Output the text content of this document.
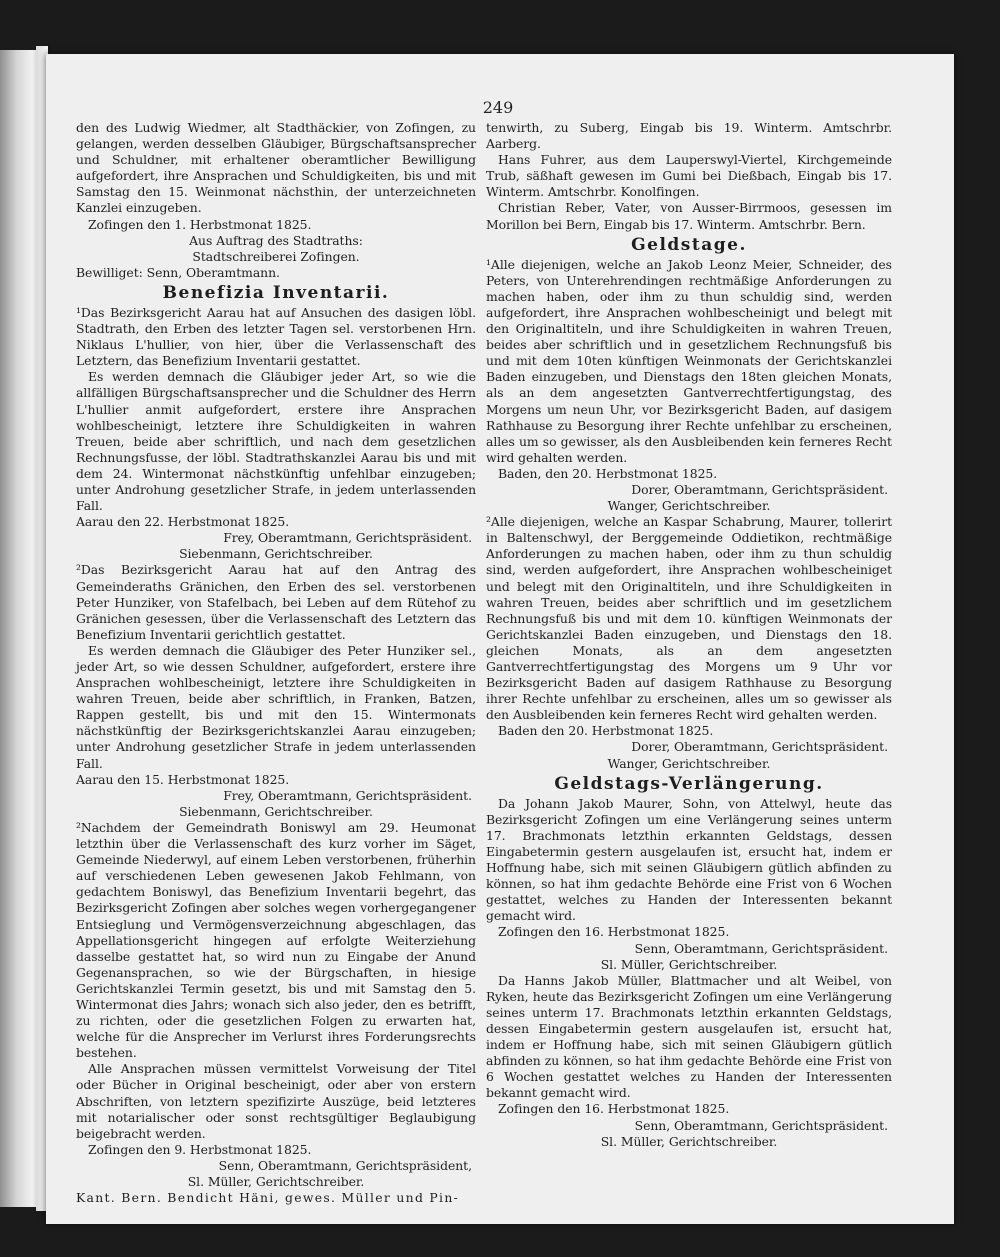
249

den des Ludwig Wiedmer, alt Stadthäckier, von Zofingen, zu gelangen, werden desselben Gläubiger, Bürgschaftsansprecher und Schuldner, mit erhaltener oberamtlicher Bewilligung aufgefordert, ihre Ansprachen und Schuldigkeiten, bis und mit Samstag den 15. Weinmonat nächsthin, der unterzeichneten Kanzlei einzugeben.

Zofingen den 1. Herbstmonat 1825.

Aus Auftrag des Stadtraths:

Stadtschreiberei Zofingen.

Bewilliget: Senn, Oberamtmann.

Benefizia Inventarii.

¹Das Bezirksgericht Aarau hat auf Ansuchen des dasigen löbl. Stadtrath, den Erben des letzter Tagen sel. verstorbenen Hrn. Niklaus L'hullier, von hier, über die Verlassenschaft des Letztern, das Benefizium Inventarii gestattet.

Es werden demnach die Gläubiger jeder Art, so wie die allfälligen Bürgschaftsansprecher und die Schuldner des Herrn L'hullier anmit aufgefordert, erstere ihre Ansprachen wohlbescheinigt, letztere ihre Schuldigkeiten in wahren Treuen, beide aber schriftlich, und nach dem gesetzlichen Rechnungsfusse, der löbl. Stadtrathskanzlei Aarau bis und mit dem 24. Wintermonat nächstkünftig unfehlbar einzugeben; unter Androhung gesetzlicher Strafe, in jedem unterlassenden Fall.

Aarau den 22. Herbstmonat 1825.

Frey, Oberamtmann, Gerichtspräsident.

Siebenmann, Gerichtschreiber.

²Das Bezirksgericht Aarau hat auf den Antrag des Gemeinderaths Gränichen, den Erben des sel. verstorbenen Peter Hunziker, von Stafelbach, bei Leben auf dem Rütehof zu Gränichen gesessen, über die Verlassenschaft des Letztern das Benefizium Inventarii gerichtlich gestattet.

Es werden demnach die Gläubiger des Peter Hunziker sel., jeder Art, so wie dessen Schuldner, aufgefordert, erstere ihre Ansprachen wohlbescheinigt, letztere ihre Schuldigkeiten in wahren Treuen, beide aber schriftlich, in Franken, Batzen, Rappen gestellt, bis und mit den 15. Wintermonats nächstkünftig der Bezirksgerichtskanzlei Aarau einzugeben; unter Androhung gesetzlicher Strafe in jedem unterlassenden Fall.

Aarau den 15. Herbstmonat 1825.

Frey, Oberamtmann, Gerichtspräsident.

Siebenmann, Gerichtschreiber.

²Nachdem der Gemeindrath Boniswyl am 29. Heumonat letzthin über die Verlassenschaft des kurz vorher im Säget, Gemeinde Niederwyl, auf einem Leben verstorbenen, früherhin auf verschiedenen Leben gewesenen Jakob Fehlmann, von gedachtem Boniswyl, das Benefizium Inventarii begehrt, das Bezirksgericht Zofingen aber solches wegen vorhergegangener Entsieglung und Vermögensverzeichnung abgeschlagen, das Appellationsgericht hingegen auf erfolgte Weiterziehung dasselbe gestattet hat, so wird nun zu Eingabe der Anund Gegenansprachen, so wie der Bürgschaften, in hiesige Gerichtskanzlei Termin gesetzt, bis und mit Samstag den 5. Wintermonat dies Jahrs; wonach sich also jeder, den es betrifft, zu richten, oder die gesetzlichen Folgen zu erwarten hat, welche für die Ansprecher im Verlurst ihres Forderungsrechts bestehen.

Alle Ansprachen müssen vermittelst Vorweisung der Titel oder Bücher in Original bescheinigt, oder aber von erstern Abschriften, von letztern spezifizirte Auszüge, beid letzteres mit notarialischer oder sonst rechtsgültiger Beglaubigung beigebracht werden.

Zofingen den 9. Herbstmonat 1825.

Senn, Oberamtmann, Gerichtspräsident,

Sl. Müller, Gerichtschreiber.

Kant. Bern. Bendicht Häni, gewes. Müller und Pin-

tenwirth, zu Suberg, Eingab bis 19. Winterm. Amtschrbr. Aarberg.

Hans Fuhrer, aus dem Lauperswyl-Viertel, Kirchgemeinde Trub, säßhaft gewesen im Gumi bei Dießbach, Eingab bis 17. Winterm. Amtschrbr. Konolfingen.

Christian Reber, Vater, von Ausser-Birrmoos, gesessen im Morillon bei Bern, Eingab bis 17. Winterm. Amtschrbr. Bern.

Geldstage.

¹Alle diejenigen, welche an Jakob Leonz Meier, Schneider, des Peters, von Unterehrendingen rechtmäßige Anforderungen zu machen haben, oder ihm zu thun schuldig sind, werden aufgefordert, ihre Ansprachen wohlbescheinigt und belegt mit den Originaltiteln, und ihre Schuldigkeiten in wahren Treuen, beides aber schriftlich und in gesetzlichem Rechnungsfuß bis und mit dem 10ten künftigen Weinmonats der Gerichtskanzlei Baden einzugeben, und Dienstags den 18ten gleichen Monats, als an dem angesetzten Gantverrechtfertigungstag, des Morgens um neun Uhr, vor Bezirksgericht Baden, auf dasigem Rathhause zu Besorgung ihrer Rechte unfehlbar zu erscheinen, alles um so gewisser, als den Ausbleibenden kein ferneres Recht wird gehalten werden.

Baden, den 20. Herbstmonat 1825.

Dorer, Oberamtmann, Gerichtspräsident.

Wanger, Gerichtschreiber.

²Alle diejenigen, welche an Kaspar Schabrung, Maurer, tollerirt in Baltenschwyl, der Berggemeinde Oddietikon, rechtmäßige Anforderungen zu machen haben, oder ihm zu thun schuldig sind, werden aufgefordert, ihre Ansprachen wohlbescheiniget und belegt mit den Originaltiteln, und ihre Schuldigkeiten in wahren Treuen, beides aber schriftlich und im gesetzlichem Rechnungsfuß bis und mit dem 10. künftigen Weinmonats der Gerichtskanzlei Baden einzugeben, und Dienstags den 18. gleichen Monats, als an dem angesetzten Gantverrechtfertigungstag des Morgens um 9 Uhr vor Bezirksgericht Baden auf dasigem Rathhause zu Besorgung ihrer Rechte unfehlbar zu erscheinen, alles um so gewisser als den Ausbleibenden kein ferneres Recht wird gehalten werden.

Baden den 20. Herbstmonat 1825.

Dorer, Oberamtmann, Gerichtspräsident.

Wanger, Gerichtschreiber.

Geldstags-Verlängerung.

Da Johann Jakob Maurer, Sohn, von Attelwyl, heute das Bezirksgericht Zofingen um eine Verlängerung seines unterm 17. Brachmonats letzthin erkannten Geldstags, dessen Eingabetermin gestern ausgelaufen ist, ersucht hat, indem er Hoffnung habe, sich mit seinen Gläubigern gütlich abfinden zu können, so hat ihm gedachte Behörde eine Frist von 6 Wochen gestattet, welches zu Handen der Interessenten bekannt gemacht wird.

Zofingen den 16. Herbstmonat 1825.

Senn, Oberamtmann, Gerichtspräsident.

Sl. Müller, Gerichtschreiber.

Da Hanns Jakob Müller, Blattmacher und alt Weibel, von Ryken, heute das Bezirksgericht Zofingen um eine Verlängerung seines unterm 17. Brachmonats letzthin erkannten Geldstags, dessen Eingabetermin gestern ausgelaufen ist, ersucht hat, indem er Hoffnung habe, sich mit seinen Gläubigern gütlich abfinden zu können, so hat ihm gedachte Behörde eine Frist von 6 Wochen gestattet welches zu Handen der Interessenten bekannt gemacht wird.

Zofingen den 16. Herbstmonat 1825.

Senn, Oberamtmann, Gerichtspräsident.

Sl. Müller, Gerichtschreiber.
